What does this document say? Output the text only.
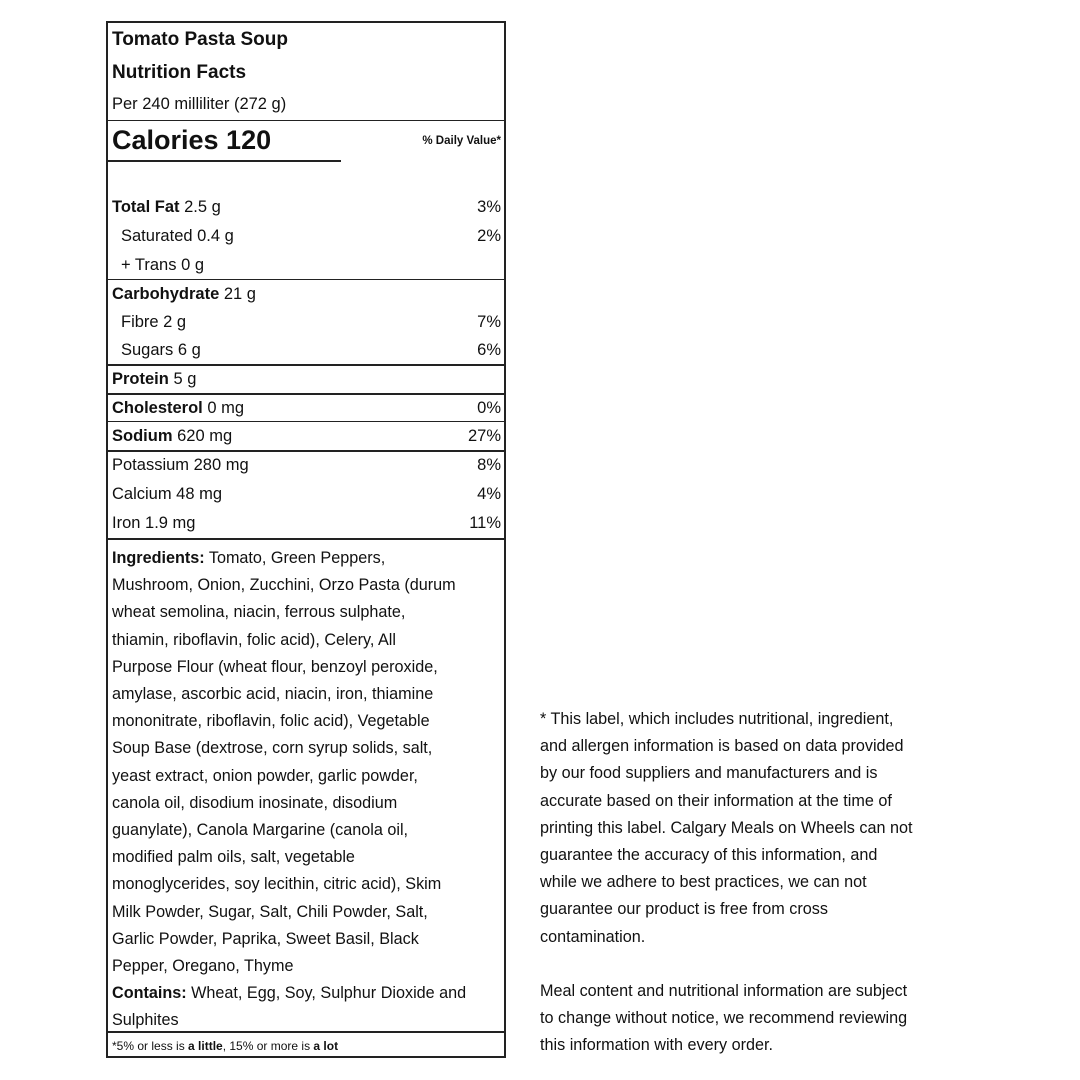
Tomato Pasta Soup
Nutrition Facts
Per 240 milliliter (272 g)
Calories 120	% Daily Value*
Total Fat 2.5 g	3%
Saturated 0.4 g	2%
+ Trans 0 g
Carbohydrate 21 g
Fibre 2 g	7%
Sugars 6 g	6%
Protein 5 g
Cholesterol 0 mg	0%
Sodium 620 mg	27%
Potassium 280 mg	8%
Calcium 48 mg	4%
Iron 1.9 mg	11%
Ingredients: Tomato, Green Peppers,
Mushroom, Onion, Zucchini, Orzo Pasta (durum
wheat semolina, niacin, ferrous sulphate,
thiamin, riboflavin, folic acid), Celery, All
Purpose Flour (wheat flour, benzoyl peroxide,
amylase, ascorbic acid, niacin, iron, thiamine
mononitrate, riboflavin, folic acid), Vegetable
Soup Base (dextrose, corn syrup solids, salt,
yeast extract, onion powder, garlic powder,
canola oil, disodium inosinate, disodium
guanylate), Canola Margarine (canola oil,
modified palm oils, salt, vegetable
monoglycerides, soy lecithin, citric acid), Skim
Milk Powder, Sugar, Salt, Chili Powder, Salt,
Garlic Powder, Paprika, Sweet Basil, Black
Pepper, Oregano, Thyme
Contains: Wheat, Egg, Soy, Sulphur Dioxide and
Sulphites
*5% or less is a little, 15% or more is a lot
* This label, which includes nutritional, ingredient,
and allergen information is based on data provided
by our food suppliers and manufacturers and is
accurate based on their information at the time of
printing this label. Calgary Meals on Wheels can not
guarantee the accuracy of this information, and
while we adhere to best practices, we can not
guarantee our product is free from cross
contamination.
Meal content and nutritional information are subject
to change without notice, we recommend reviewing
this information with every order.
